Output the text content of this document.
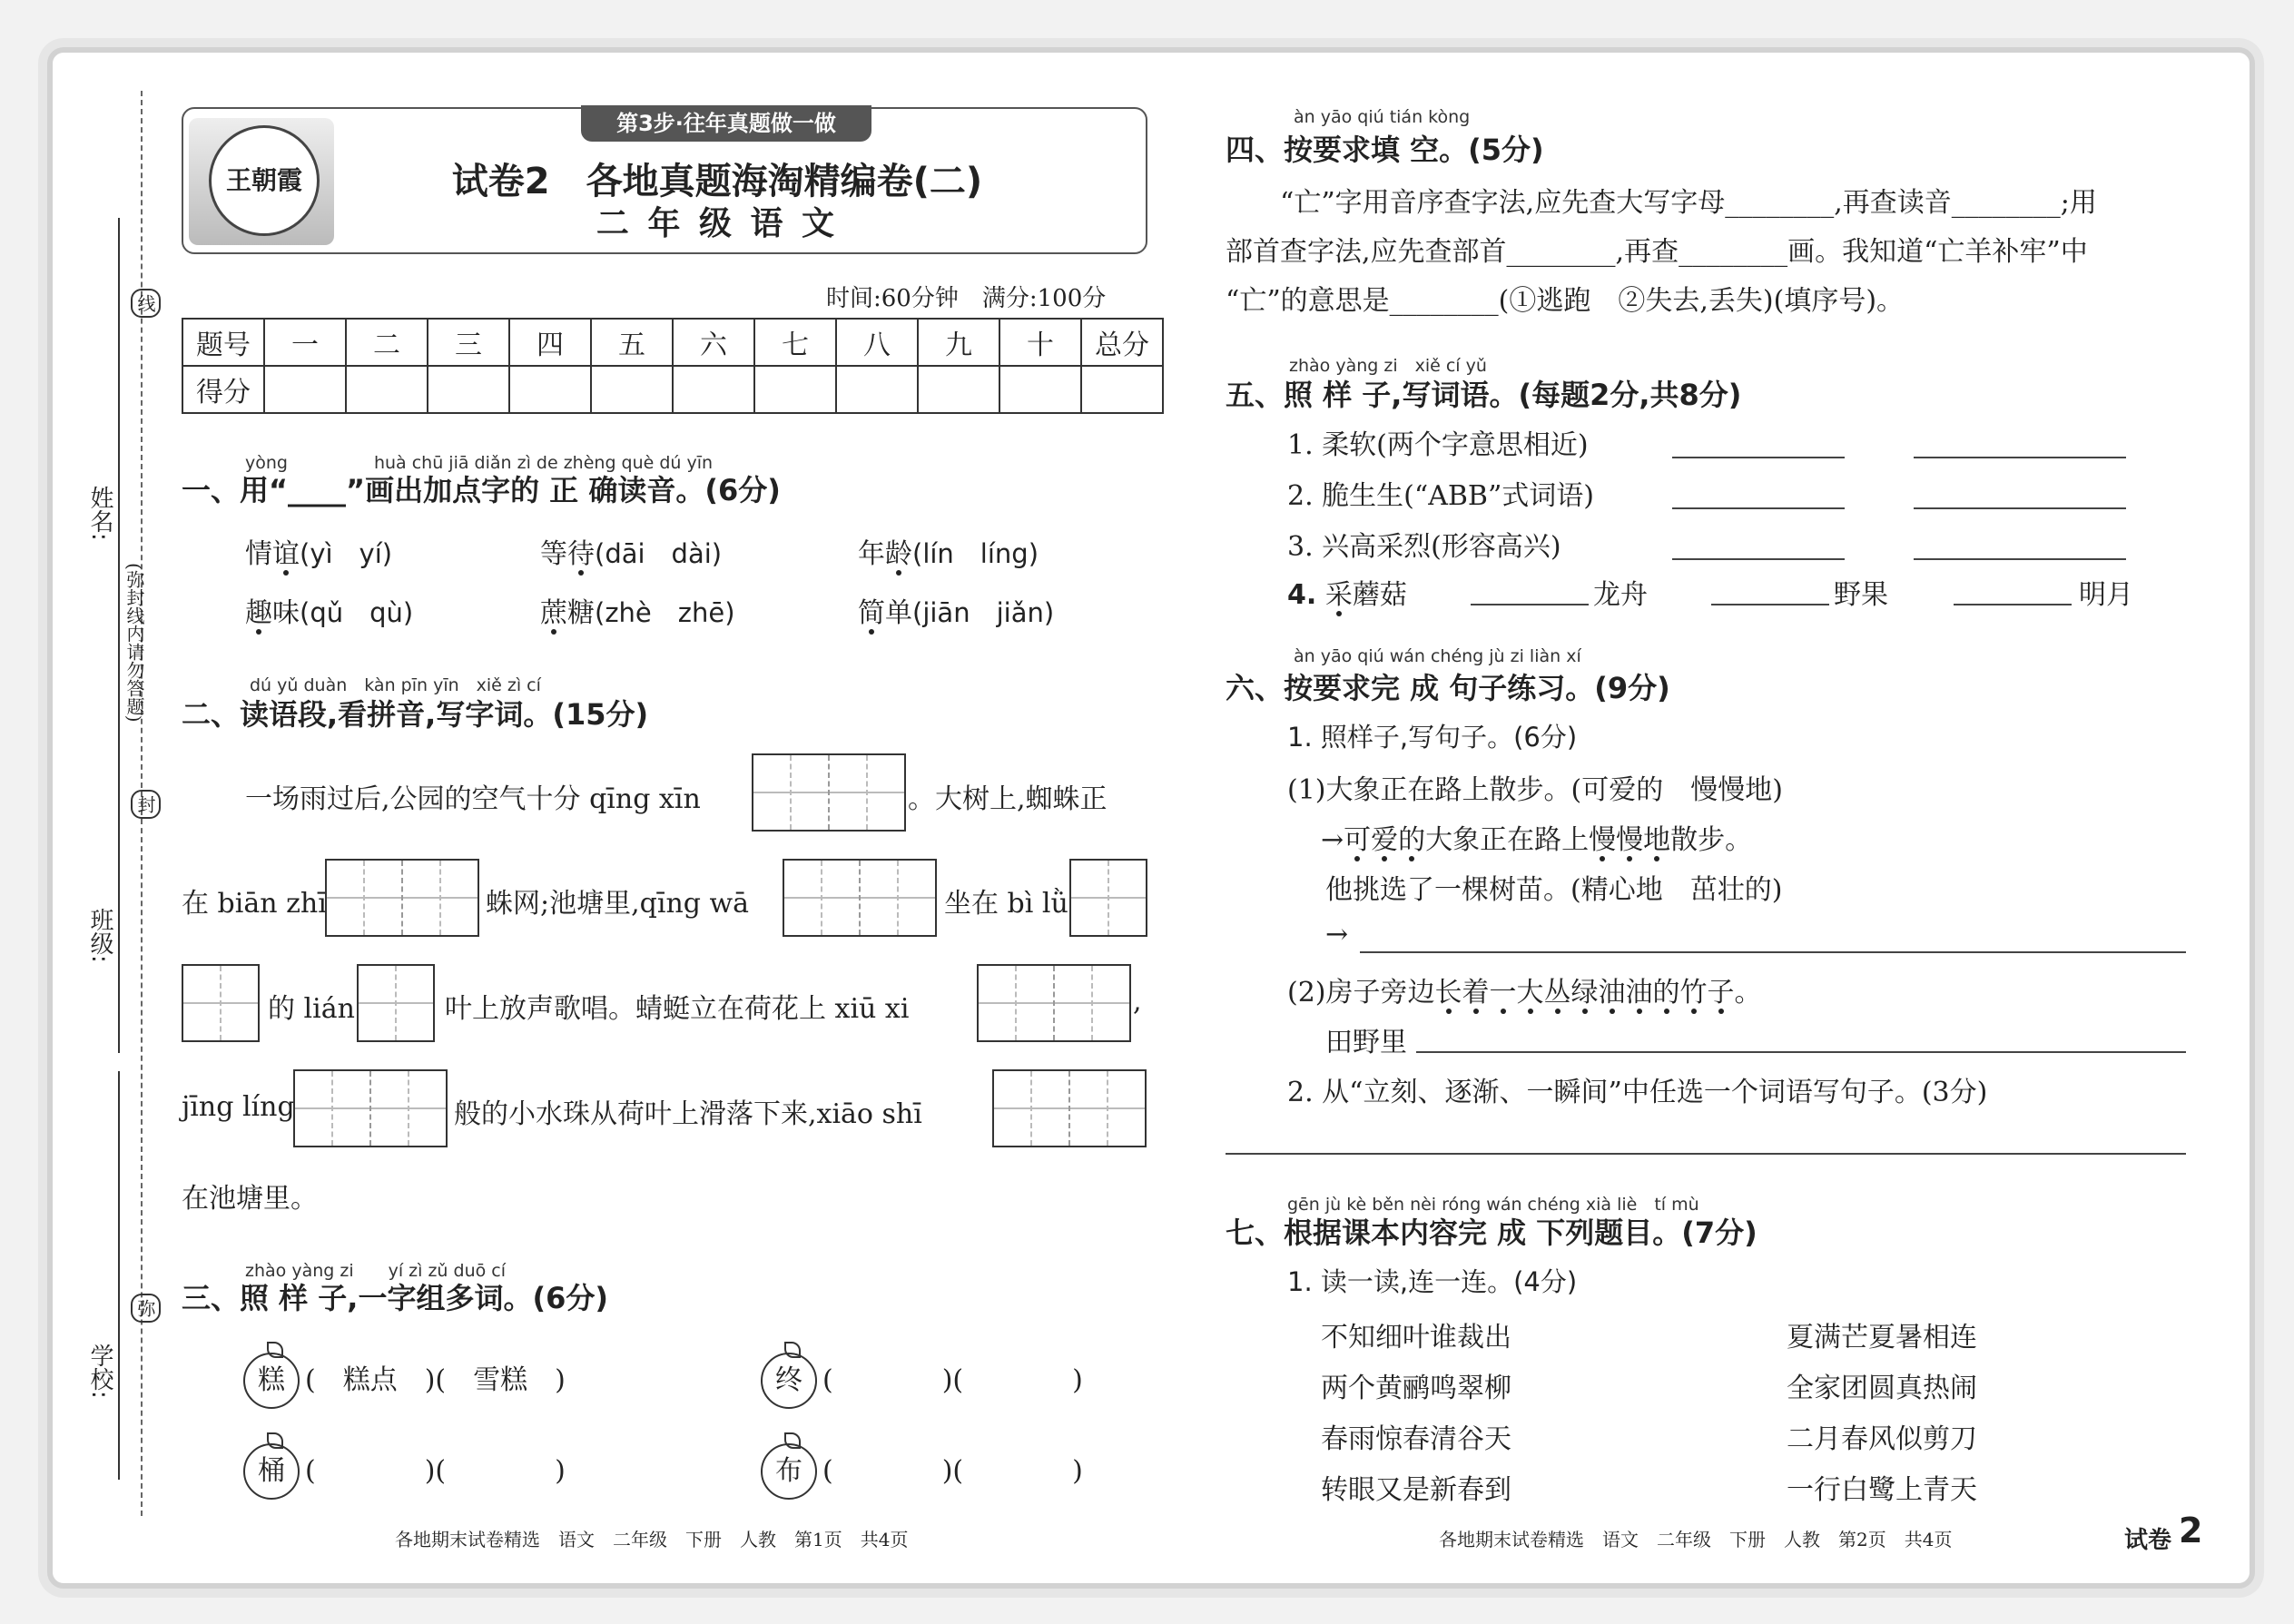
姓名:
班级:
学校:
(弥封线内请勿答题)
线
封
弥
王朝霞
第3步·往年真题做一做
试卷2　各地真题海淘精编卷(二)
二 年 级 语 文
时间:60分钟　满分:100分
题号	一	二	三	四	五	六	七	八	九	十	总分
得分											
yòng　　　　　huà chū jiā diǎn zì de zhèng què dú yīn
一、用“____”画出加点字的 正 确读音。(6分)
情谊(yì　yí)	等待(dāi　dài)	年龄(lín　líng)
趣味(qǔ　qù)	蔗糖(zhè　zhē)	简单(jiān　jiǎn)
dú yǔ duàn　kàn pīn yīn　xiě zì cí
二、读语段,看拼音,写字词。(15分)
一场雨过后,公园的空气十分 qīng xīn	。大树上,蜘蛛正
在 biān zhī	蛛网;池塘里,qīng wā	坐在 bì lǜ
的 lián	叶上放声歌唱。蜻蜓立在荷花上 xiū xi	,
jīng líng	般的小水珠从荷叶上滑落下来,xiāo shī
在池塘里。
zhào yàng zi　　yí zì zǔ duō cí
三、照 样 子,一字组多词。(6分)
糕 (　糕点　)(　雪糕　)	终 (　　　　)(　　　　)
桶 (　　　　)(　　　　)	布 (　　　　)(　　　　)
àn yāo qiú tián kòng
四、按要求填 空。(5分)
“亡”字用音序查字法,应先查大写字母________,再查读音________;用
部首查字法,应先查部首________,再查________画。我知道“亡羊补牢”中
“亡”的意思是________(①逃跑　②失去,丢失)(填序号)。
zhào yàng zi　xiě cí yǔ
五、照 样 子,写词语。(每题2分,共8分)
1. 柔软(两个字意思相近)
2. 脆生生(“ABB”式词语)
3. 兴高采烈(形容高兴)
4. 采蘑菇	龙舟	野果	明月
àn yāo qiú wán chéng jù zi liàn xí
六、按要求完 成 句子练习。(9分)
1. 照样子,写句子。(6分)
(1)大象正在路上散步。(可爱的　慢慢地)
→可爱的大象正在路上慢慢地散步。
他挑选了一棵树苗。(精心地　茁壮的)
→
(2)房子旁边长着一大丛绿油油的竹子。
田野里
2. 从“立刻、逐渐、一瞬间”中任选一个词语写句子。(3分)
gēn jù kè běn nèi róng wán chéng xià liè　tí mù
七、根据课本内容完 成 下列题目。(7分)
1. 读一读,连一连。(4分)
不知细叶谁裁出
两个黄鹂鸣翠柳
春雨惊春清谷天
转眼又是新春到
夏满芒夏暑相连
全家团圆真热闹
二月春风似剪刀
一行白鹭上青天
各地期末试卷精选　语文　二年级　下册　人教　第1页　共4页	各地期末试卷精选　语文　二年级　下册　人教　第2页　共4页	试卷 2
